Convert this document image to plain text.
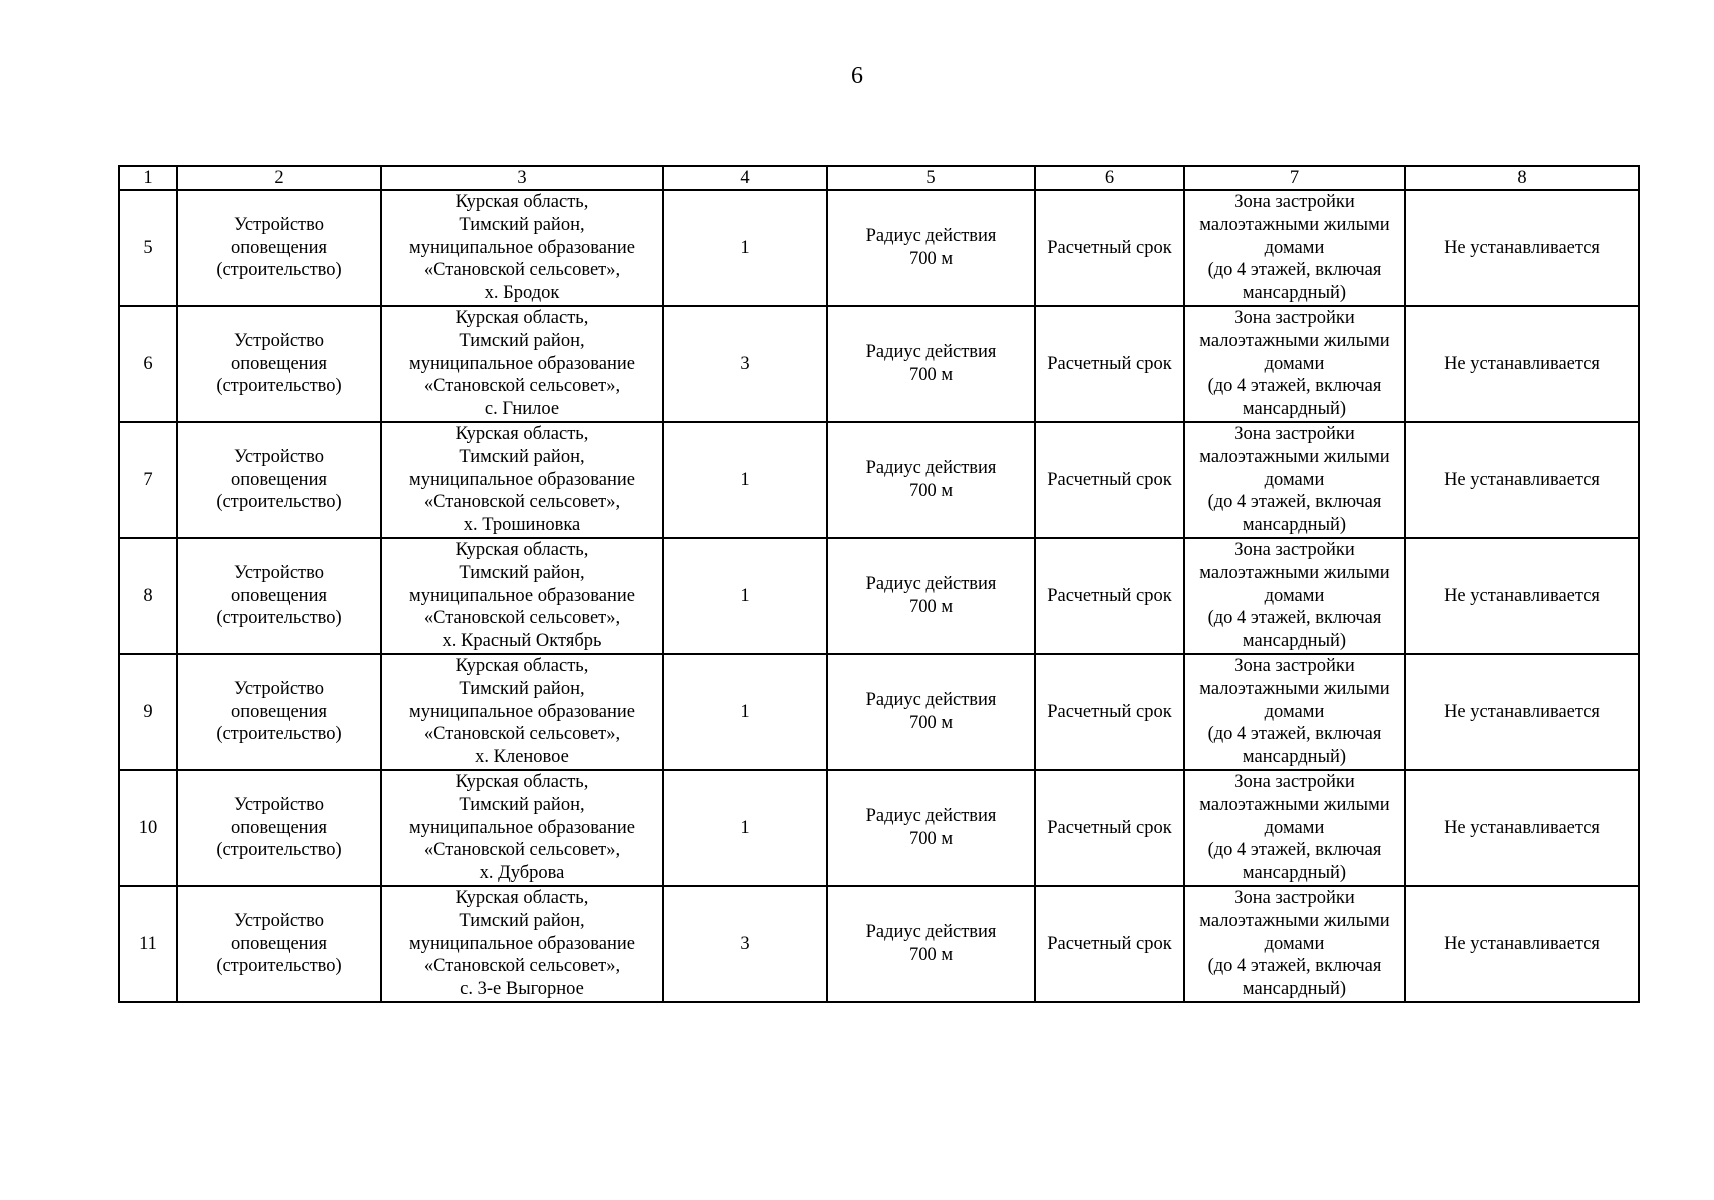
6
1	2	3	4	5	6	7	8
5	Устройство
оповещения
(строительство)	Курская область,
Тимский район,
муниципальное образование
«Становской сельсовет»,
х. Бродок	1	Радиус действия
700 м	Расчетный срок	Зона застройки
малоэтажными жилыми
домами
(до 4 этажей, включая
мансардный)	Не устанавливается
6	Устройство
оповещения
(строительство)	Курская область,
Тимский район,
муниципальное образование
«Становской сельсовет»,
с. Гнилое	3	Радиус действия
700 м	Расчетный срок	Зона застройки
малоэтажными жилыми
домами
(до 4 этажей, включая
мансардный)	Не устанавливается
7	Устройство
оповещения
(строительство)	Курская область,
Тимский район,
муниципальное образование
«Становской сельсовет»,
х. Трошиновка	1	Радиус действия
700 м	Расчетный срок	Зона застройки
малоэтажными жилыми
домами
(до 4 этажей, включая
мансардный)	Не устанавливается
8	Устройство
оповещения
(строительство)	Курская область,
Тимский район,
муниципальное образование
«Становской сельсовет»,
х. Красный Октябрь	1	Радиус действия
700 м	Расчетный срок	Зона застройки
малоэтажными жилыми
домами
(до 4 этажей, включая
мансардный)	Не устанавливается
9	Устройство
оповещения
(строительство)	Курская область,
Тимский район,
муниципальное образование
«Становской сельсовет»,
х. Кленовое	1	Радиус действия
700 м	Расчетный срок	Зона застройки
малоэтажными жилыми
домами
(до 4 этажей, включая
мансардный)	Не устанавливается
10	Устройство
оповещения
(строительство)	Курская область,
Тимский район,
муниципальное образование
«Становской сельсовет»,
х. Дуброва	1	Радиус действия
700 м	Расчетный срок	Зона застройки
малоэтажными жилыми
домами
(до 4 этажей, включая
мансардный)	Не устанавливается
11	Устройство
оповещения
(строительство)	Курская область,
Тимский район,
муниципальное образование
«Становской сельсовет»,
с. 3-е Выгорное	3	Радиус действия
700 м	Расчетный срок	Зона застройки
малоэтажными жилыми
домами
(до 4 этажей, включая
мансардный)	Не устанавливается
